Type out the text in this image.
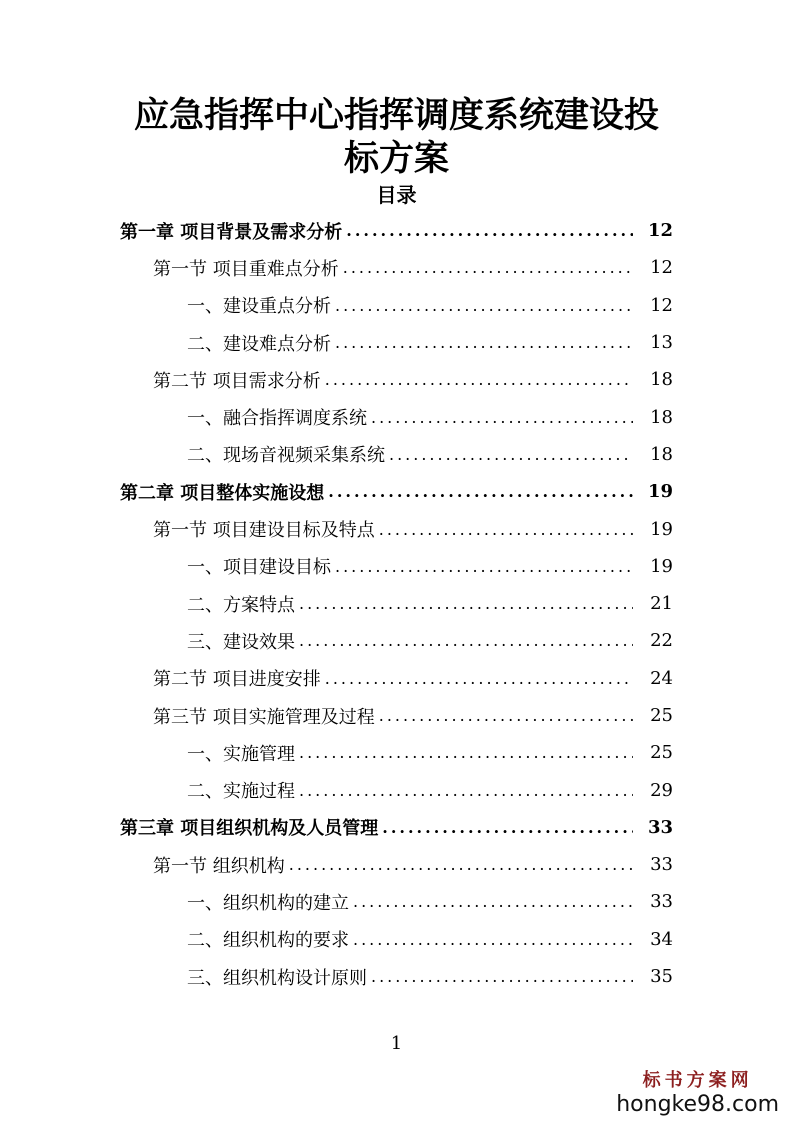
应急指挥中心指挥调度系统建设投
标方案
目录
第一章 项目背景及需求分析 .....	12
第一节 项目重难点分析 .....	12
一、建设重点分析 .....	12
二、建设难点分析 .....	13
第二节 项目需求分析 .....	18
一、融合指挥调度系统 .....	18
二、现场音视频采集系统 .....	18
第二章 项目整体实施设想 .....	19
第一节 项目建设目标及特点 .....	19
一、项目建设目标 .....	19
二、方案特点 .....	21
三、建设效果 .....	22
第二节 项目进度安排 .....	24
第三节 项目实施管理及过程 .....	25
一、实施管理 .....	25
二、实施过程 .....	29
第三章 项目组织机构及人员管理 .....	33
第一节 组织机构 .....	33
一、组织机构的建立 .....	33
二、组织机构的要求 .....	34
三、组织机构设计原则 .....	35
1
标书方案网
hongke98.com
